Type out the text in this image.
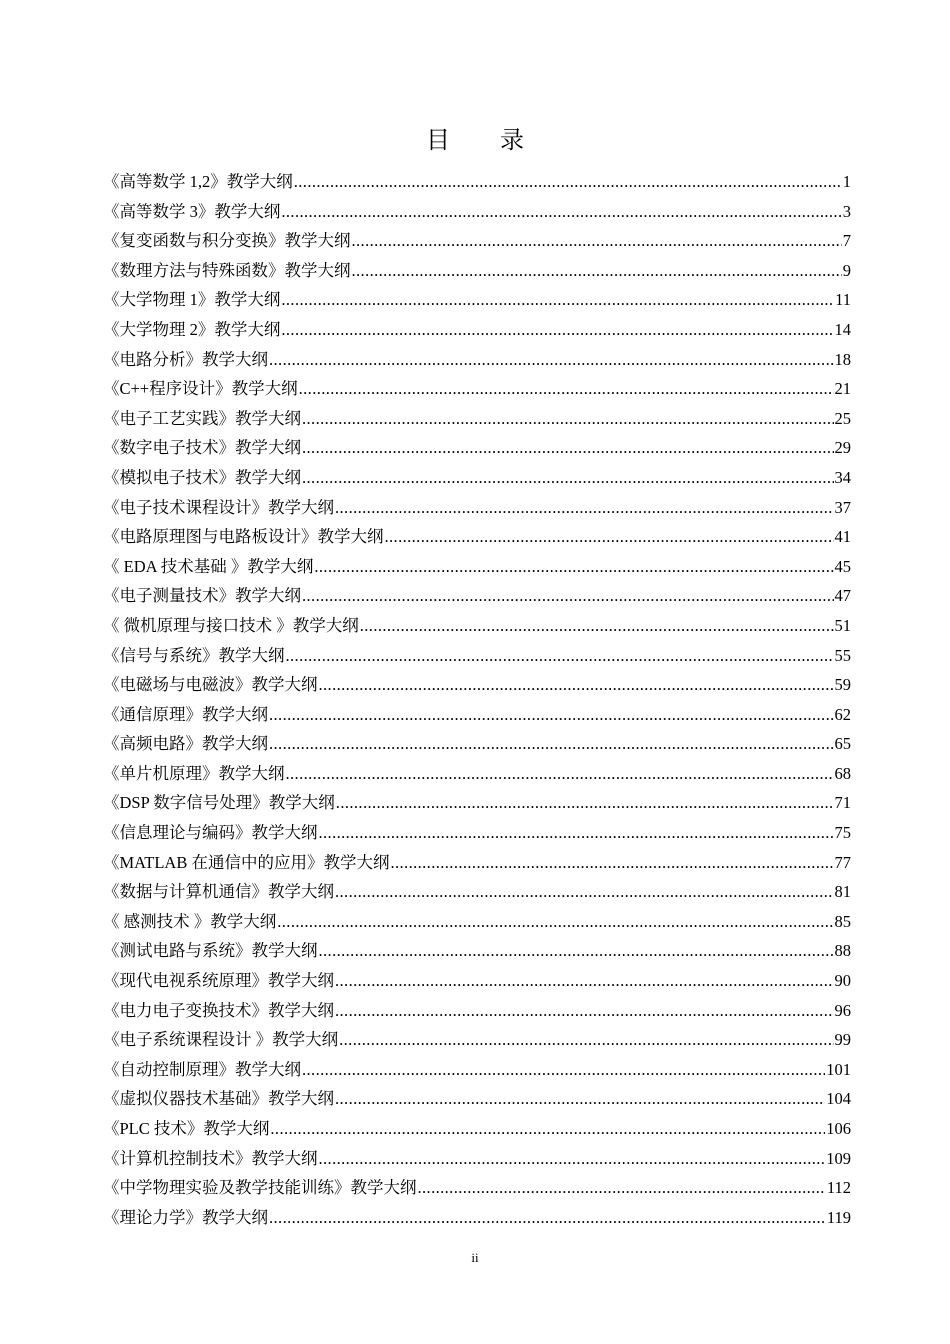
目 录
《高等数学 1,2》教学大纲 .....	1
《高等数学 3》教学大纲 .....	3
《复变函数与积分变换》教学大纲 .....	7
《数理方法与特殊函数》教学大纲 .....	9
《大学物理 1》教学大纲 .....	11
《大学物理 2》教学大纲 .....	14
《电路分析》教学大纲 .....	18
《C++程序设计》教学大纲 .....	21
《电子工艺实践》教学大纲 .....	25
《数字电子技术》教学大纲 .....	29
《模拟电子技术》教学大纲 .....	34
《电子技术课程设计》教学大纲 .....	37
《电路原理图与电路板设计》教学大纲 .....	41
《 EDA 技术基础 》教学大纲 .....	45
《电子测量技术》教学大纲 .....	47
《 微机原理与接口技术 》教学大纲 .....	51
《信号与系统》教学大纲 .....	55
《电磁场与电磁波》教学大纲 .....	59
《通信原理》教学大纲 .....	62
《高频电路》教学大纲 .....	65
《单片机原理》教学大纲 .....	68
《DSP 数字信号处理》教学大纲 .....	71
《信息理论与编码》教学大纲 .....	75
《MATLAB 在通信中的应用》教学大纲 .....	77
《数据与计算机通信》教学大纲 .....	81
《 感测技术 》教学大纲 .....	85
《测试电路与系统》教学大纲 .....	88
《现代电视系统原理》教学大纲 .....	90
《电力电子变换技术》教学大纲 .....	96
《电子系统课程设计 》教学大纲 .....	99
《自动控制原理》教学大纲 .....	101
《虚拟仪器技术基础》教学大纲 .....	104
《PLC 技术》教学大纲 .....	106
《计算机控制技术》教学大纲 .....	109
《中学物理实验及教学技能训练》教学大纲 .....	112
《理论力学》教学大纲 .....	119
ii
